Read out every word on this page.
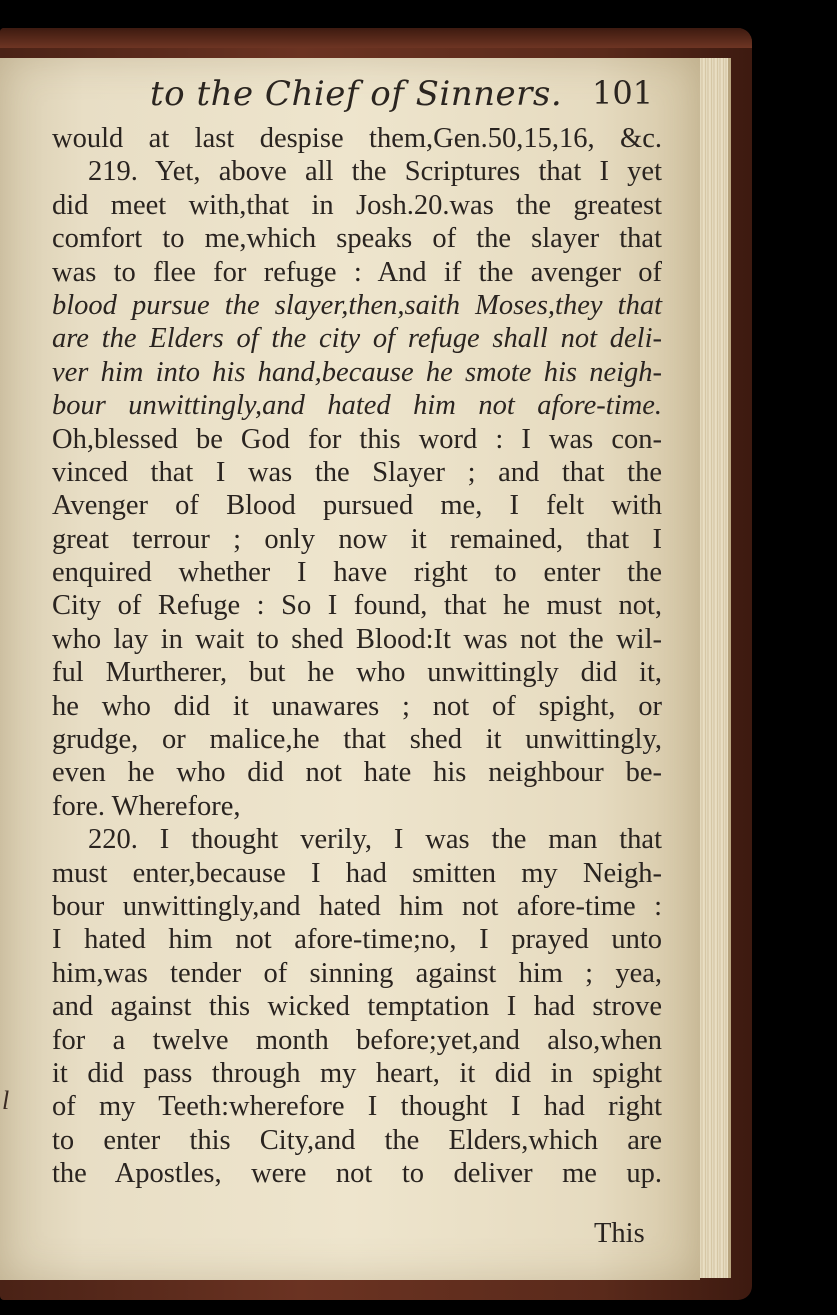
to the Chief of Sinners. 101
would at last despise them,Gen.50,15,16, &c.
219. Yet, above all the Scriptures that I yet
did meet with,that in Josh.20.was the greatest
comfort to me,which speaks of the slayer that
was to flee for refuge : And if the avenger of
blood pursue the slayer,then,saith Moses,they that
are the Elders of the city of refuge shall not deli-
ver him into his hand,because he smote his neigh-
bour unwittingly,and hated him not afore-time.
Oh,blessed be God for this word : I was con-
vinced that I was the Slayer ; and that the
Avenger of Blood pursued me, I felt with
great terrour ; only now it remained, that I
enquired whether I have right to enter the
City of Refuge : So I found, that he must not,
who lay in wait to shed Blood:It was not the wil-
ful Murtherer, but he who unwittingly did it,
he who did it unawares ; not of spight, or
grudge, or malice,he that shed it unwittingly,
even he who did not hate his neighbour be-
fore. Wherefore,
220. I thought verily, I was the man that
must enter,because I had smitten my Neigh-
bour unwittingly,and hated him not afore-time :
I hated him not afore-time;no, I prayed unto
him,was tender of sinning against him ; yea,
and against this wicked temptation I had strove
for a twelve month before;yet,and also,when
it did pass through my heart, it did in spight
of my Teeth:wherefore I thought I had right
to enter this City,and the Elders,which are
the Apostles, were not to deliver me up.
This
l
